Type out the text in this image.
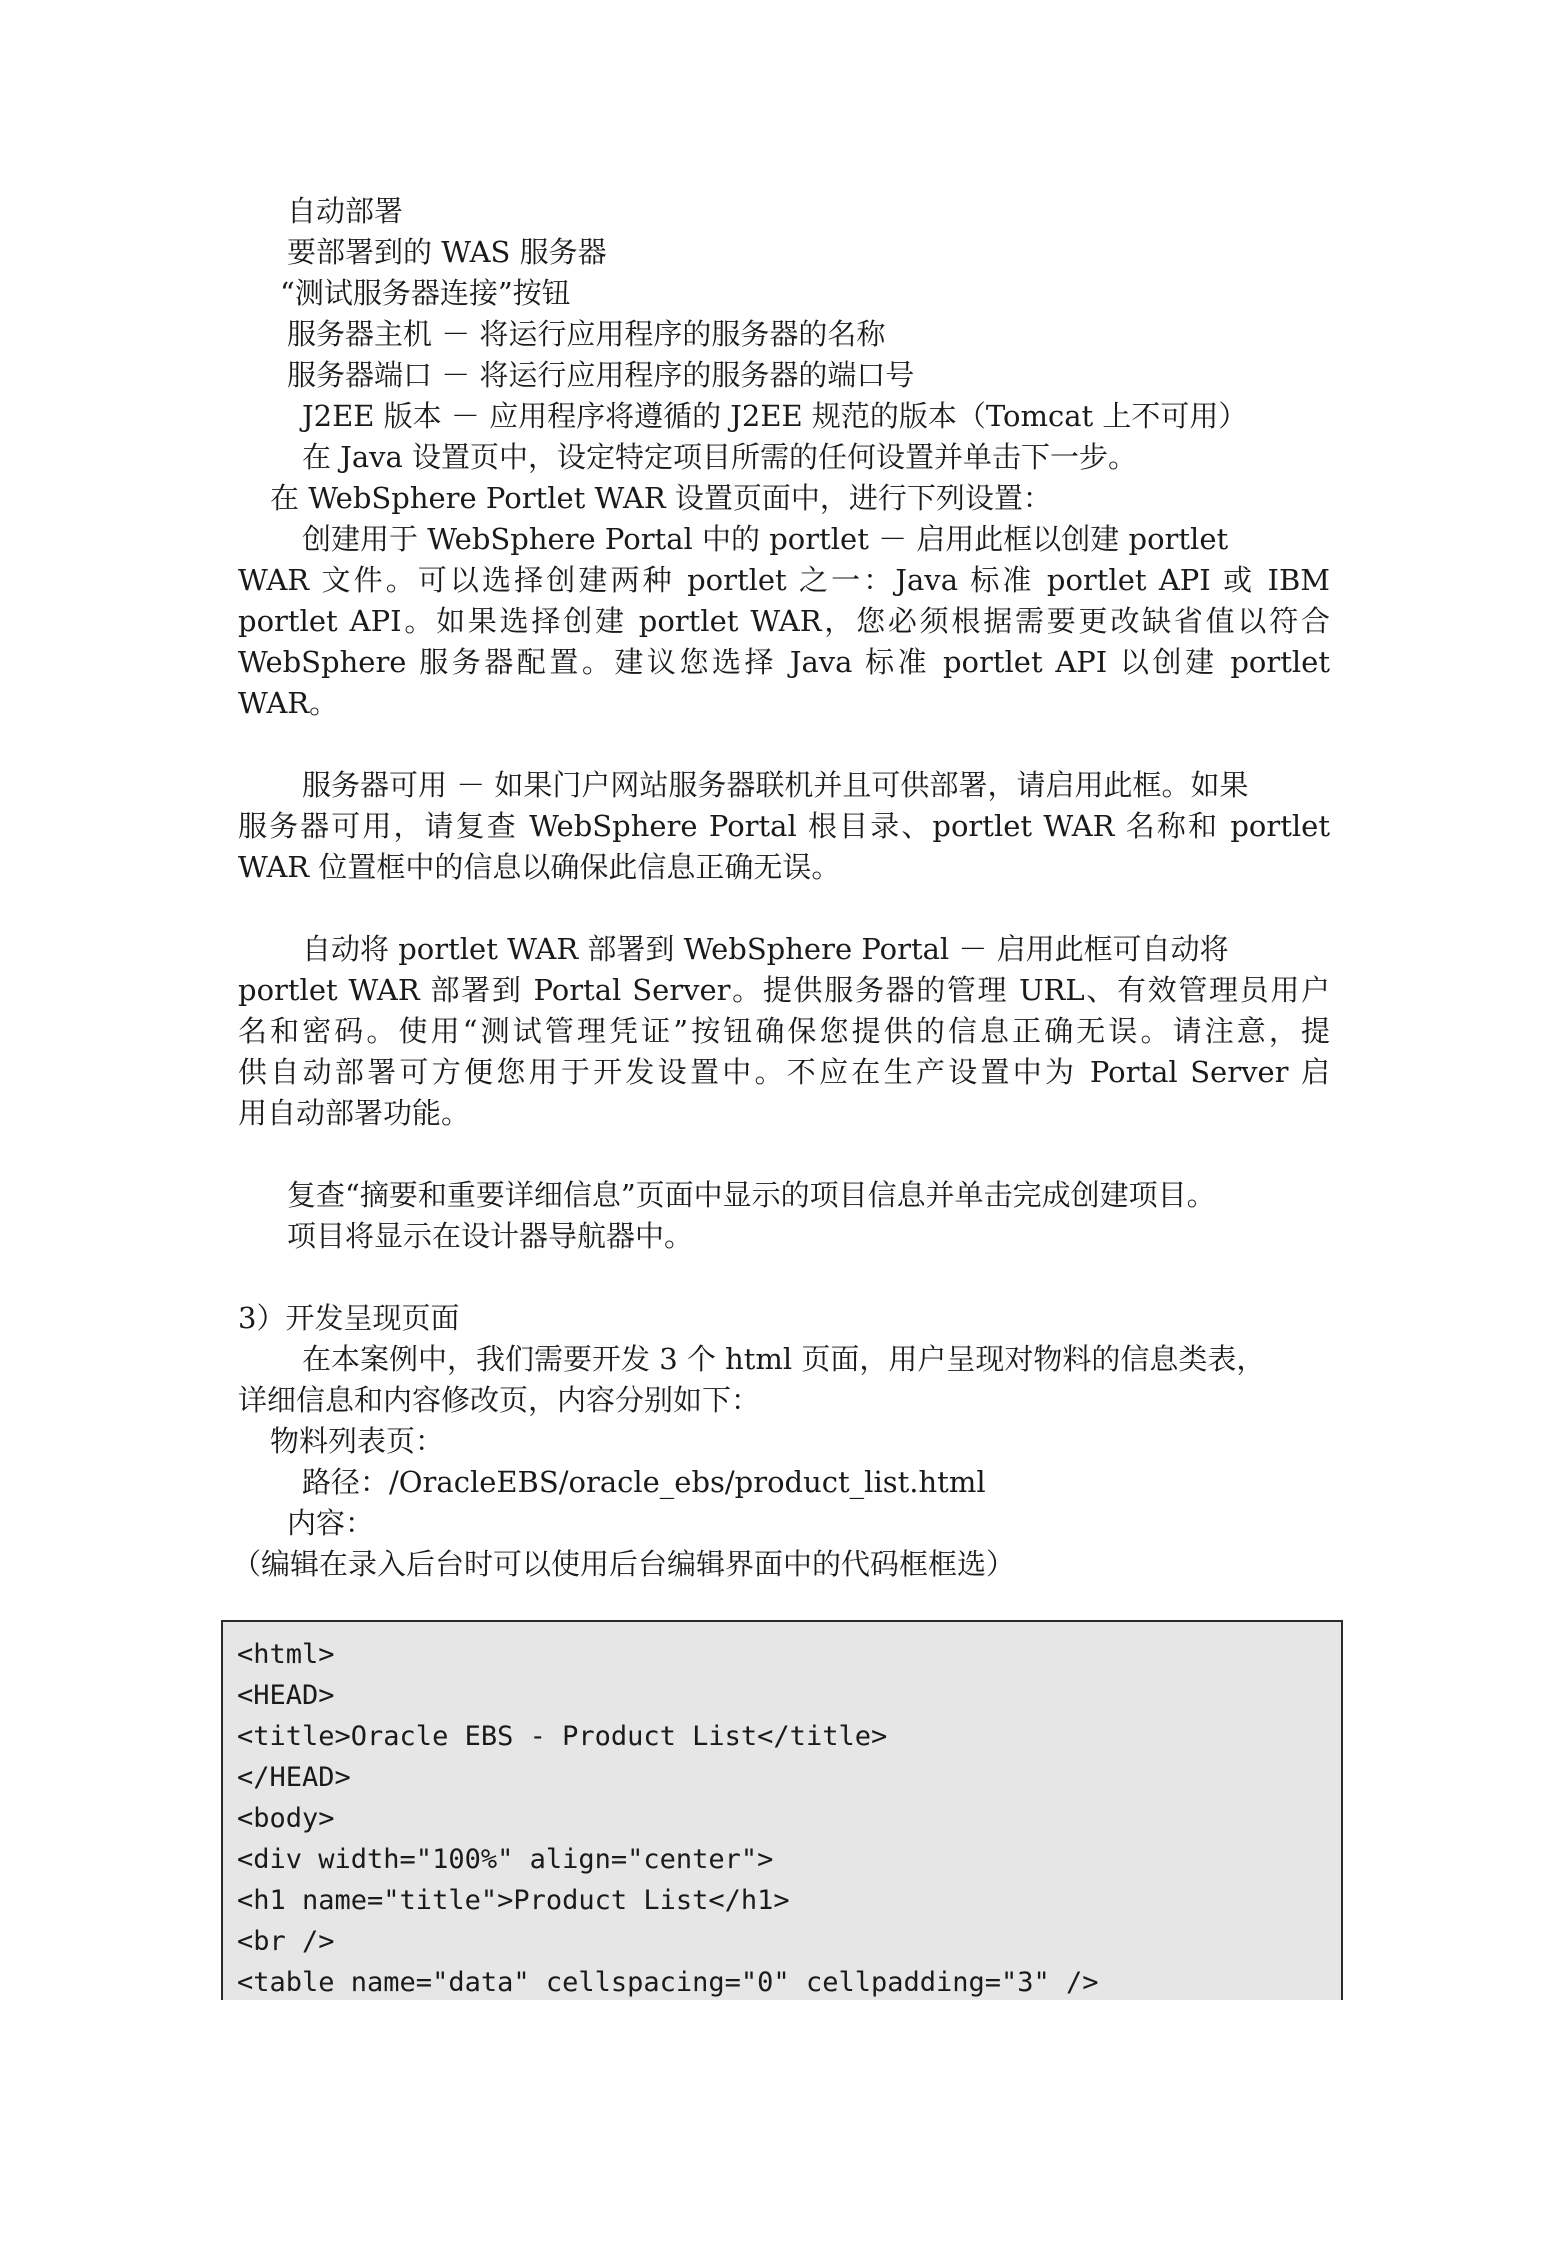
自动部署

要部署到的 WAS 服务器

“测试服务器连接”按钮

服务器主机 － 将运行应用程序的服务器的名称

服务器端口 － 将运行应用程序的服务器的端口号

J2EE 版本 － 应用程序将遵循的 J2EE 规范的版本（Tomcat 上不可用）

在 Java 设置页中，设定特定项目所需的任何设置并单击下一步。

在 WebSphere Portlet WAR 设置页面中，进行下列设置：

创建用于 WebSphere Portal 中的 portlet － 启用此框以创建 portlet

WAR 文件。可以选择创建两种 portlet 之一：Java 标准 portlet API 或 IBM

portlet API。如果选择创建 portlet WAR，您必须根据需要更改缺省值以符合

WebSphere 服务器配置。建议您选择 Java 标准 portlet API 以创建 portlet

WAR。

服务器可用 － 如果门户网站服务器联机并且可供部署，请启用此框。如果

服务器可用，请复查 WebSphere Portal 根目录、portlet WAR 名称和 portlet

WAR 位置框中的信息以确保此信息正确无误。

自动将 portlet WAR 部署到 WebSphere Portal － 启用此框可自动将

portlet WAR 部署到 Portal Server。提供服务器的管理 URL、有效管理员用户

名和密码。使用“测试管理凭证”按钮确保您提供的信息正确无误。请注意，提

供自动部署可方便您用于开发设置中。不应在生产设置中为 Portal Server 启

用自动部署功能。

复查“摘要和重要详细信息”页面中显示的项目信息并单击完成创建项目。

项目将显示在设计器导航器中。

3）开发呈现页面

在本案例中，我们需要开发 3 个 html 页面，用户呈现对物料的信息类表，

详细信息和内容修改页，内容分别如下：

物料列表页：

路径：/OracleEBS/oracle_ebs/product_list.html

内容：

（编辑在录入后台时可以使用后台编辑界面中的代码框框选）

<html>
<HEAD>
<title>Oracle EBS - Product List</title>
</HEAD>
<body>
<div width="100%" align="center">
<h1 name="title">Product List</h1>
<br />
<table name="data" cellspacing="0" cellpadding="3" />
